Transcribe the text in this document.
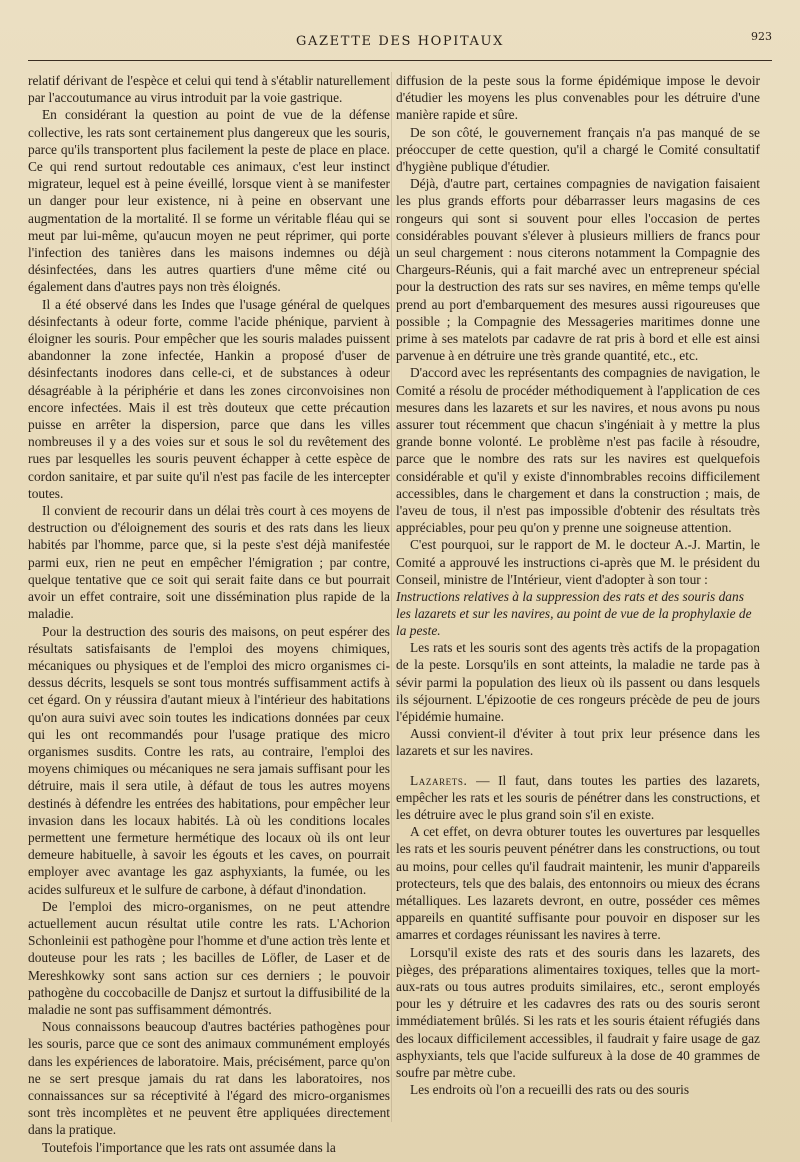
GAZETTE DES HOPITAUX	923

relatif dérivant de l'espèce et celui qui tend à s'établir naturellement par l'accoutumance au virus introduit par la voie gastrique.

En considérant la question au point de vue de la défense collective, les rats sont certainement plus dangereux que les souris, parce qu'ils transportent plus facilement la peste de place en place. Ce qui rend surtout redoutable ces animaux, c'est leur instinct migrateur, lequel est à peine éveillé, lorsque vient à se manifester un danger pour leur existence, ni à peine en observant une augmentation de la mortalité. Il se forme un véritable fléau qui se meut par lui-même, qu'aucun moyen ne peut réprimer, qui porte l'infection des tanières dans les maisons indemnes ou déjà désinfectées, dans les autres quartiers d'une même cité ou également dans d'autres pays non très éloignés.

Il a été observé dans les Indes que l'usage général de quelques désinfectants à odeur forte, comme l'acide phénique, parvient à éloigner les souris. Pour empêcher que les souris malades puissent abandonner la zone infectée, Hankin a proposé d'user de désinfectants inodores dans celle-ci, et de substances à odeur désagréable à la périphérie et dans les zones circonvoisines non encore infectées. Mais il est très douteux que cette précaution puisse en arrêter la dispersion, parce que dans les villes nombreuses il y a des voies sur et sous le sol du revêtement des rues par lesquelles les souris peuvent échapper à cette espèce de cordon sanitaire, et par suite qu'il n'est pas facile de les intercepter toutes.

Il convient de recourir dans un délai très court à ces moyens de destruction ou d'éloignement des souris et des rats dans les lieux habités par l'homme, parce que, si la peste s'est déjà manifestée parmi eux, rien ne peut en empêcher l'émigration ; par contre, quelque tentative que ce soit qui serait faite dans ce but pourrait avoir un effet contraire, soit une dissémination plus rapide de la maladie.

Pour la destruction des souris des maisons, on peut espérer des résultats satisfaisants de l'emploi des moyens chimiques, mécaniques ou physiques et de l'emploi des micro organismes ci-dessus décrits, lesquels se sont tous montrés suffisamment actifs à cet égard. On y réussira d'autant mieux à l'intérieur des habitations qu'on aura suivi avec soin toutes les indications données par ceux qui les ont recommandés pour l'usage pratique des micro organismes susdits. Contre les rats, au contraire, l'emploi des moyens chimiques ou mécaniques ne sera jamais suffisant pour les détruire, mais il sera utile, à défaut de tous les autres moyens destinés à défendre les entrées des habitations, pour empêcher leur invasion dans les locaux habités. Là où les conditions locales permettent une fermeture hermétique des locaux où ils ont leur demeure habituelle, à savoir les égouts et les caves, on pourrait employer avec avantage les gaz asphyxiants, la fumée, ou les acides sulfureux et le sulfure de carbone, à défaut d'inondation.

De l'emploi des micro-organismes, on ne peut attendre actuellement aucun résultat utile contre les rats. L'Achorion Schonleinii est pathogène pour l'homme et d'une action très lente et douteuse pour les rats ; les bacilles de Löfler, de Laser et de Mereshkowky sont sans action sur ces derniers ; le pouvoir pathogène du coccobacille de Danjsz et surtout la diffusibilité de la maladie ne sont pas suffisamment démontrés.

Nous connaissons beaucoup d'autres bactéries pathogènes pour les souris, parce que ce sont des animaux communément employés dans les expériences de laboratoire. Mais, précisément, parce qu'on ne se sert presque jamais du rat dans les laboratoires, nos connaissances sur sa réceptivité à l'égard des micro-organismes sont très incomplètes et ne peuvent être appliquées directement dans la pratique.

Toutefois l'importance que les rats ont assumée dans la

diffusion de la peste sous la forme épidémique impose le devoir d'étudier les moyens les plus convenables pour les détruire d'une manière rapide et sûre.

De son côté, le gouvernement français n'a pas manqué de se préoccuper de cette question, qu'il a chargé le Comité consultatif d'hygiène publique d'étudier.

Déjà, d'autre part, certaines compagnies de navigation faisaient les plus grands efforts pour débarrasser leurs magasins de ces rongeurs qui sont si souvent pour elles l'occasion de pertes considérables pouvant s'élever à plusieurs milliers de francs pour un seul chargement : nous citerons notamment la Compagnie des Chargeurs-Réunis, qui a fait marché avec un entrepreneur spécial pour la destruction des rats sur ses navires, en même temps qu'elle prend au port d'embarquement des mesures aussi rigoureuses que possible ; la Compagnie des Messageries maritimes donne une prime à ses matelots par cadavre de rat pris à bord et elle est ainsi parvenue à en détruire une très grande quantité, etc., etc.

D'accord avec les représentants des compagnies de navigation, le Comité a résolu de procéder méthodiquement à l'application de ces mesures dans les lazarets et sur les navires, et nous avons pu nous assurer tout récemment que chacun s'ingéniait à y mettre la plus grande bonne volonté. Le problème n'est pas facile à résoudre, parce que le nombre des rats sur les navires est quelquefois considérable et qu'il y existe d'innombrables recoins difficilement accessibles, dans le chargement et dans la construction ; mais, de l'aveu de tous, il n'est pas impossible d'obtenir des résultats très appréciables, pour peu qu'on y prenne une soigneuse attention.

C'est pourquoi, sur le rapport de M. le docteur A.-J. Martin, le Comité a approuvé les instructions ci-après que M. le président du Conseil, ministre de l'Intérieur, vient d'adopter à son tour :

Instructions relatives à la suppression des rats et des souris dans les lazarets et sur les navires, au point de vue de la prophylaxie de la peste.

Les rats et les souris sont des agents très actifs de la propagation de la peste. Lorsqu'ils en sont atteints, la maladie ne tarde pas à sévir parmi la population des lieux où ils passent ou dans lesquels ils séjournent. L'épizootie de ces rongeurs précède de peu de jours l'épidémie humaine.

Aussi convient-il d'éviter à tout prix leur présence dans les lazarets et sur les navires.

Lazarets. — Il faut, dans toutes les parties des lazarets, empêcher les rats et les souris de pénétrer dans les constructions, et les détruire avec le plus grand soin s'il en existe.

A cet effet, on devra obturer toutes les ouvertures par lesquelles les rats et les souris peuvent pénétrer dans les constructions, ou tout au moins, pour celles qu'il faudrait maintenir, les munir d'appareils protecteurs, tels que des balais, des entonnoirs ou mieux des écrans métalliques. Les lazarets devront, en outre, posséder ces mêmes appareils en quantité suffisante pour pouvoir en disposer sur les amarres et cordages réunissant les navires à terre.

Lorsqu'il existe des rats et des souris dans les lazarets, des pièges, des préparations alimentaires toxiques, telles que la mort-aux-rats ou tous autres produits similaires, etc., seront employés pour les y détruire et les cadavres des rats ou des souris seront immédiatement brûlés. Si les rats et les souris étaient réfugiés dans des locaux difficilement accessibles, il faudrait y faire usage de gaz asphyxiants, tels que l'acide sulfureux à la dose de 40 grammes de soufre par mètre cube.

Les endroits où l'on a recueilli des rats ou des souris
